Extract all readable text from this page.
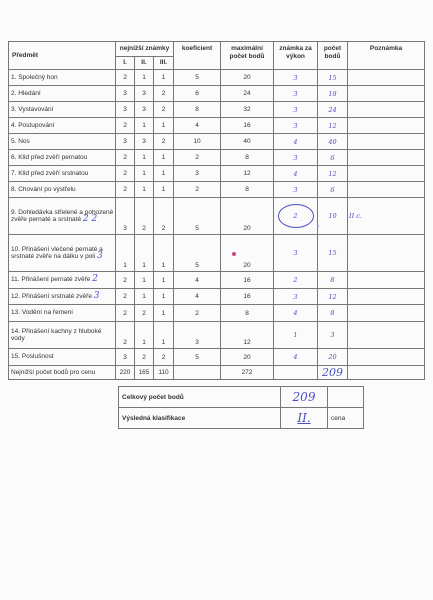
Předmět	nejnižší známky			koeficient	maximální počet bodů	známka za výkon	počet bodů	Poznámka
	I.	II.	III.					
1. Společný hon	2	1	1	5	20	3	15	
2. Hledání	3	3	2	6	24	3	18	
3. Vystavování	3	3	2	8	32	3	24	
4. Postupování	2	1	1	4	16	3	12	
5. Nos	3	3	2	10	40	4	40	
6. Klid před zvěří pernatou	2	1	1	2	8	3	6	
7. Klid před zvěří srstnatou	2	1	1	3	12	4	12	
8. Chování po výstřelu	2	1	1	2	8	3	6	
9. Dohledávka střelené a pohozené zvěře pernaté a srstnaté 2 2	3	2	2	5	20	2	10	II c.
10. Přinášení vlečené pernaté a srstnaté zvěře na dálku v poli 3	1	1	1	5	20	3	15	
11. Přinášení pernaté zvěře 2	2	1	1	4	16	2	8	
12. Přinášení srstnaté zvěře 3	2	1	1	4	16	3	12	
13. Vodění na řemeni	2	2	1	2	8	4	8	
14. Přinášení kachny z hluboké vody	2	1	1	3	12	1	3	
15. Poslušnost	3	2	2	5	20	4	20	
Nejnižší počet bodů pro cenu	220	165	110		272		209	
Celkový počet bodů	209	
Výsledná klasifikace	II.	cena
